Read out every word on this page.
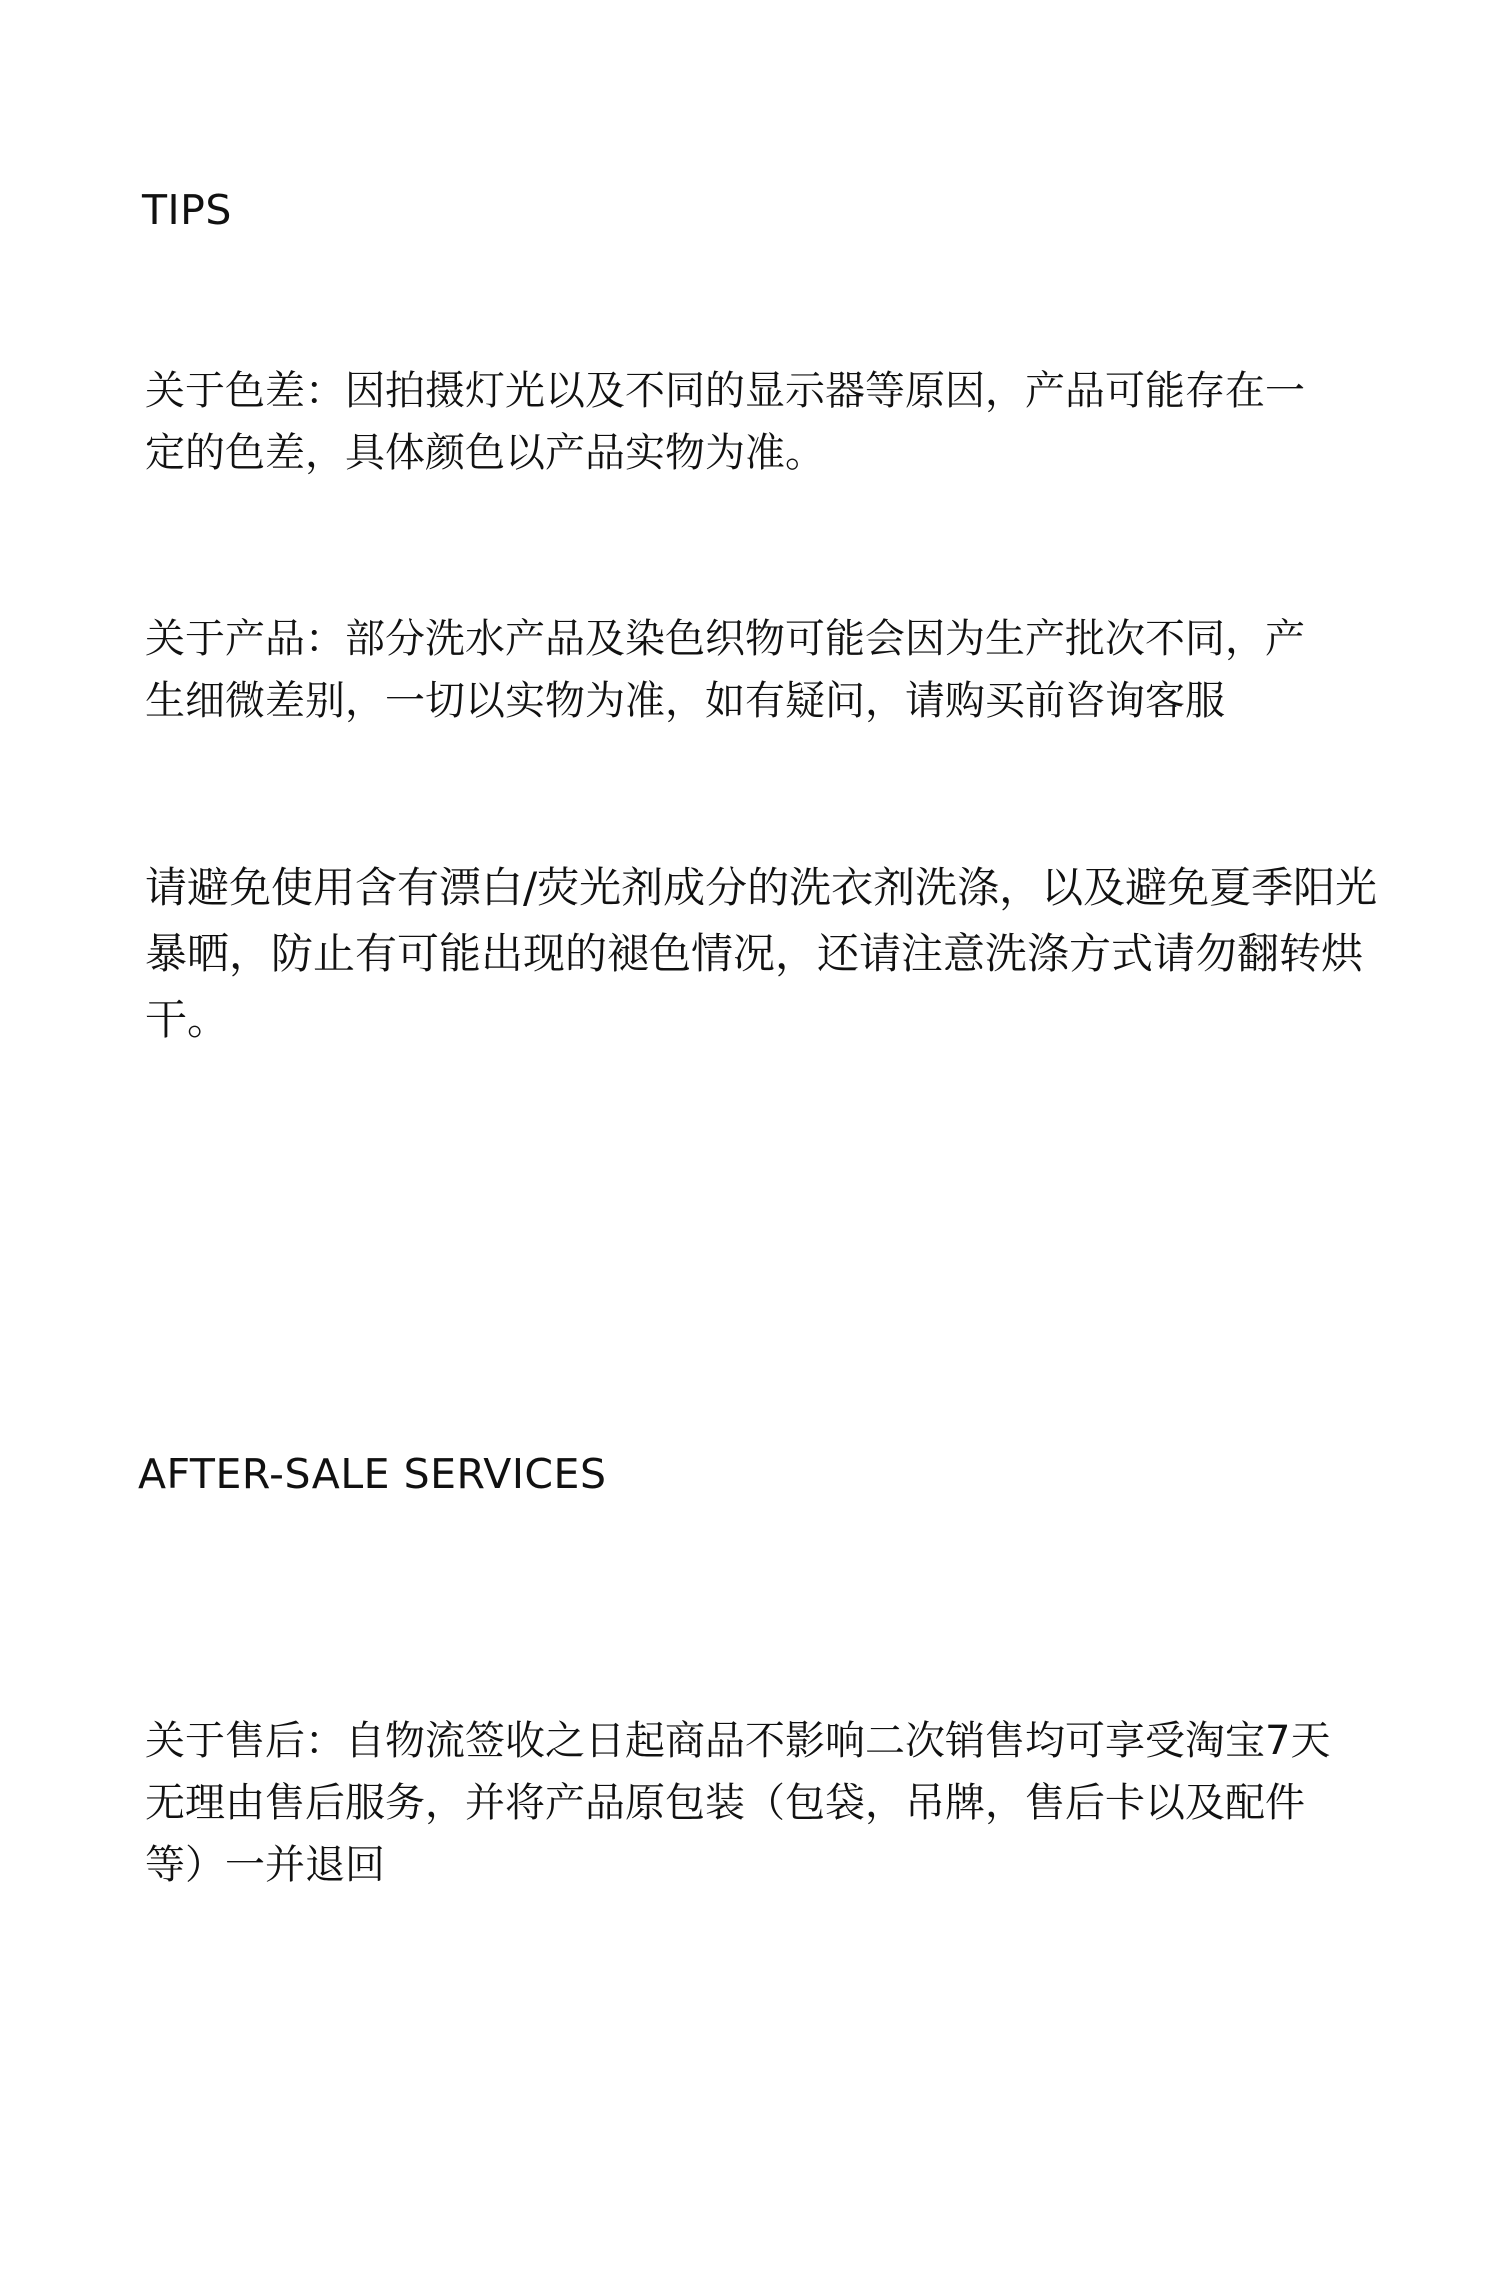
TIPS

关于色差：因拍摄灯光以及不同的显示器等原因，产品可能存在一定的色差，具体颜色以产品实物为准。

关于产品：部分洗水产品及染色织物可能会因为生产批次不同，产生细微差别，一切以实物为准，如有疑问，请购买前咨询客服

请避免使用含有漂白/荧光剂成分的洗衣剂洗涤，以及避免夏季阳光暴晒，防止有可能出现的褪色情况，还请注意洗涤方式请勿翻转烘干。

AFTER-SALE SERVICES

关于售后：自物流签收之日起商品不影响二次销售均可享受淘宝7天无理由售后服务，并将产品原包装（包袋，吊牌，售后卡以及配件等）一并退回
